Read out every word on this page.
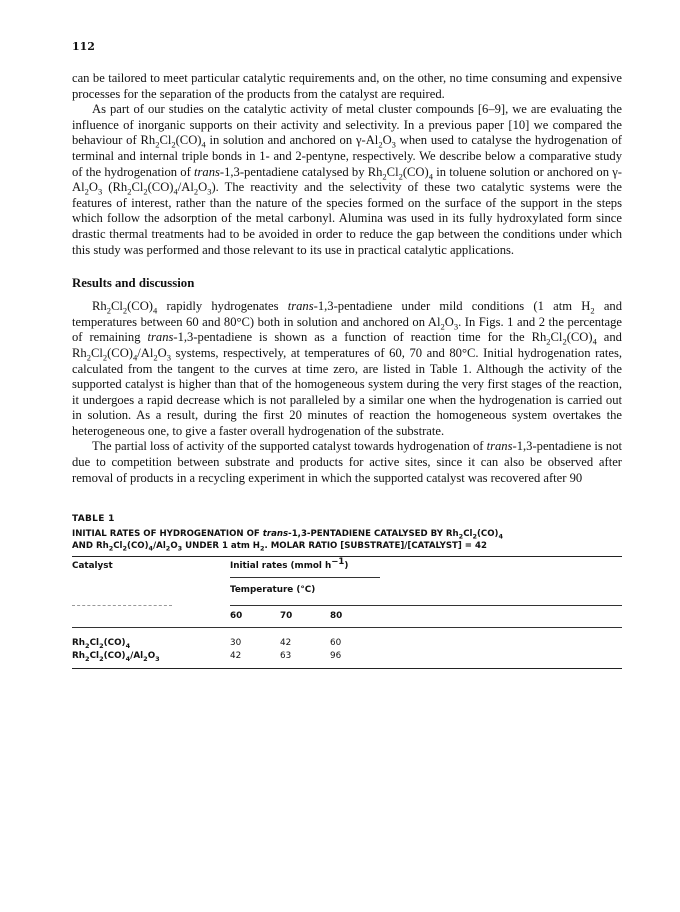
112

can be tailored to meet particular catalytic requirements and, on the other, no time consuming and expensive processes for the separation of the products from the catalyst are required.

As part of our studies on the catalytic activity of metal cluster compounds [6–9], we are evaluating the influence of inorganic supports on their activity and selectivity. In a previous paper [10] we compared the behaviour of $Rh_2Cl_2(CO)_4$ in solution and anchored on $\gamma-Al_2O_3$ when used to catalyse the hydrogenation of terminal and internal triple bonds in 1- and 2-pentyne, respectively. We describe below a comparative study of the hydrogenation of trans-1,3-pentadiene catalysed by $Rh_2Cl_2(CO)_4$ in toluene solution or anchored on $\gamma-Al_2O_3$ $(Rh_2Cl_2(CO)_4/Al_2O_3)$. The reactivity and the selectivity of these two catalytic systems were the features of interest, rather than the nature of the species formed on the surface of the support in the steps which follow the adsorption of the metal carbonyl. Alumina was used in its fully hydroxylated form since drastic thermal treatments had to be avoided in order to reduce the gap between the conditions under which this study was performed and those relevant to its use in practical catalytic applications.

Results and discussion

$Rh_2Cl_2(CO)_4$ rapidly hydrogenates trans-1,3-pentadiene under mild conditions (1 atm $H_2$ and temperatures between 60 and 80°C) both in solution and anchored on $Al_2O_3$. In Figs. 1 and 2 the percentage of remaining trans-1,3-pentadiene is shown as a function of reaction time for the $Rh_2Cl_2(CO)_4$ and $Rh_2Cl_2(CO)_4/Al_2O_3$ systems, respectively, at temperatures of 60, 70 and 80°C. Initial hydrogenation rates, calculated from the tangent to the curves at time zero, are listed in Table 1. Although the activity of the supported catalyst is higher than that of the homogeneous system during the very first stages of the reaction, it undergoes a rapid decrease which is not paralleled by a similar one when the hydrogenation is carried out in solution. As a result, during the first 20 minutes of reaction the homogeneous system overtakes the heterogeneous one, to give a faster overall hydrogenation of the substrate.

The partial loss of activity of the supported catalyst towards hydrogenation of trans-1,3-pentadiene is not due to competition between substrate and products for active sites, since it can also be observed after removal of products in a recycling experiment in which the supported catalyst was recovered after 90

TABLE 1
INITIAL RATES OF HYDROGENATION OF trans-1,3-PENTADIENE CATALYSED BY $Rh_2Cl_2(CO)_4$
AND $Rh_2Cl_2(CO)_4/Al_2O_3$ UNDER 1 atm $H_2$. MOLAR RATIO [SUBSTRATE]/[CATALYST] = 42
Catalyst	Initial rates (mmol $h^{-1}$)
Temperature (°C)
60	70	80
$Rh_2Cl_2(CO)_4$	30	42	60
$Rh_2Cl_2(CO)_4/Al_2O_3$	42	63	96
